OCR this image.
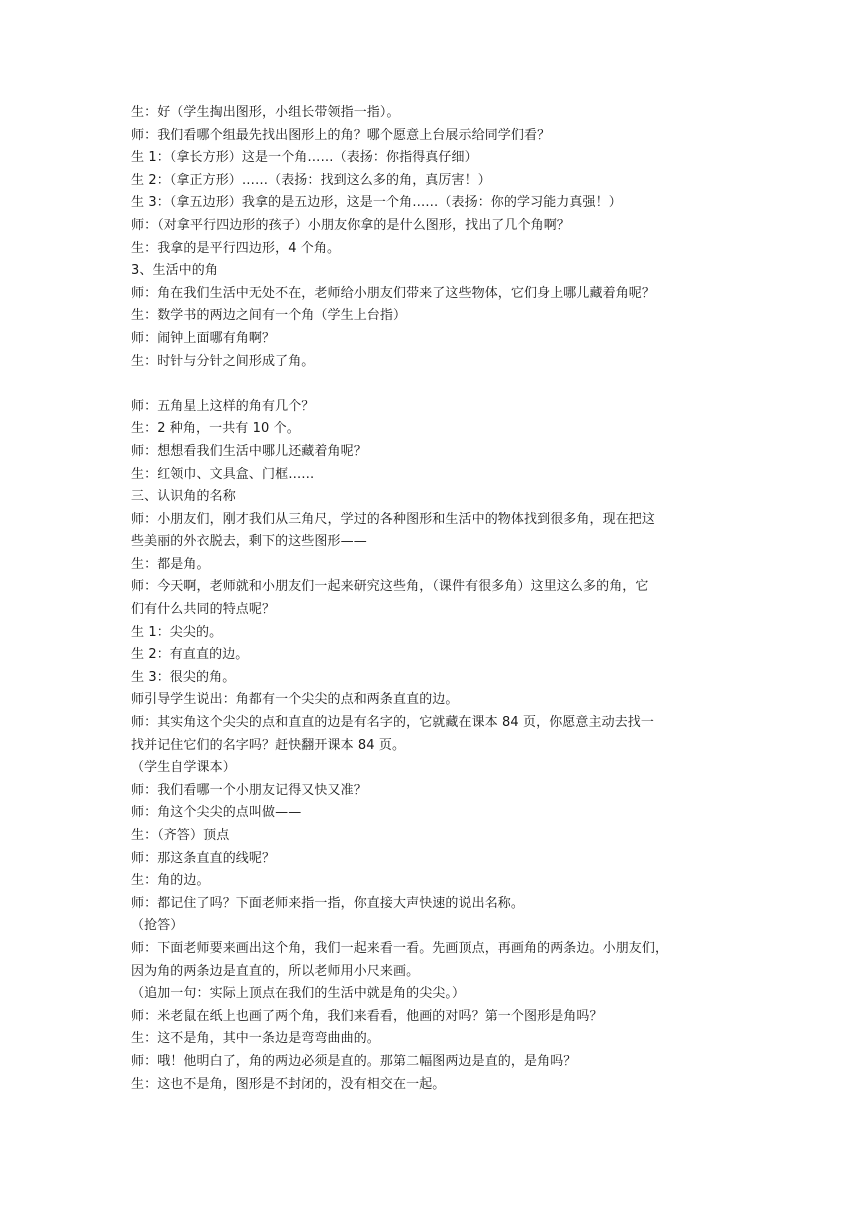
生：好（学生掏出图形，小组长带领指一指）。
师：我们看哪个组最先找出图形上的角？哪个愿意上台展示给同学们看？
生 1：（拿长方形）这是一个角……（表扬：你指得真仔细）
生 2：（拿正方形）……（表扬：找到这么多的角，真厉害！）
生 3：（拿五边形）我拿的是五边形，这是一个角……（表扬：你的学习能力真强！）
师：（对拿平行四边形的孩子）小朋友你拿的是什么图形，找出了几个角啊？
生：我拿的是平行四边形，4 个角。
3、生活中的角
师：角在我们生活中无处不在，老师给小朋友们带来了这些物体，它们身上哪儿藏着角呢？
生：数学书的两边之间有一个角（学生上台指）
师：闹钟上面哪有角啊？
生：时针与分针之间形成了角。
师：五角星上这样的角有几个？
生：2 种角，一共有 10 个。
师：想想看我们生活中哪儿还藏着角呢？
生：红领巾、文具盒、门框……
三、认识角的名称
师：小朋友们，刚才我们从三角尺，学过的各种图形和生活中的物体找到很多角，现在把这
些美丽的外衣脱去，剩下的这些图形——
生：都是角。
师：今天啊，老师就和小朋友们一起来研究这些角，（课件有很多角）这里这么多的角，它
们有什么共同的特点呢？
生 1：尖尖的。
生 2：有直直的边。
生 3：很尖的角。
师引导学生说出：角都有一个尖尖的点和两条直直的边。
师：其实角这个尖尖的点和直直的边是有名字的，它就藏在课本 84 页，你愿意主动去找一
找并记住它们的名字吗？赶快翻开课本 84 页。
（学生自学课本）
师：我们看哪一个小朋友记得又快又准？
师：角这个尖尖的点叫做——
生：（齐答）顶点
师：那这条直直的线呢？
生：角的边。
师：都记住了吗？下面老师来指一指，你直接大声快速的说出名称。
（抢答）
师：下面老师要来画出这个角，我们一起来看一看。先画顶点，再画角的两条边。小朋友们，
因为角的两条边是直直的，所以老师用小尺来画。
（追加一句：实际上顶点在我们的生活中就是角的尖尖。）
师：米老鼠在纸上也画了两个角，我们来看看，他画的对吗？第一个图形是角吗？
生：这不是角，其中一条边是弯弯曲曲的。
师：哦！他明白了，角的两边必须是直的。那第二幅图两边是直的，是角吗？
生：这也不是角，图形是不封闭的，没有相交在一起。
